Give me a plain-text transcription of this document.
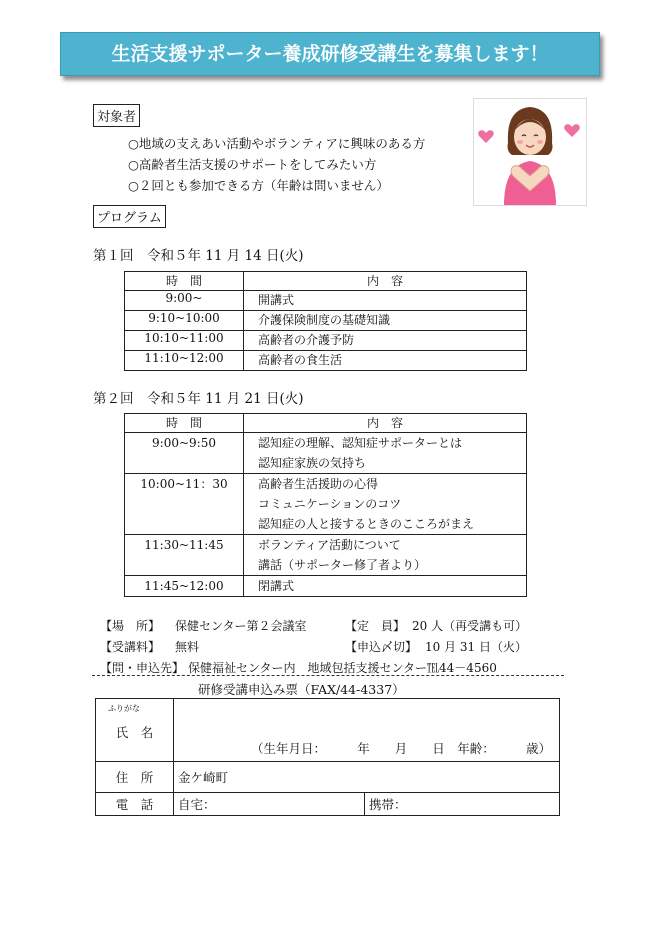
生活支援サポーター養成研修受講生を募集します！
対象者
○地域の支えあい活動やボランティアに興味のある方
○高齢者生活支援のサポートをしてみたい方
○２回とも参加できる方（年齢は問いません）
プログラム
第１回　令和５年 11 月 14 日(火)
時　間	内　容
9:00~	開講式
9:10~10:00	介護保険制度の基礎知識
10:10~11:00	高齢者の介護予防
11:10~12:00	高齢者の食生活
第２回　令和５年 11 月 21 日(火)
時　間	内　容

9:00~9:50	認知症の理解、認知症サポーターとは
認知症家族の気持ち

10:00~11：30	高齢者生活援助の心得
コミュニケーションのコツ
認知症の人と接するときのこころがまえ

11:30~11:45	ボランティア活動について
講話（サポーター修了者より）

11:45~12:00	閉講式
【場　所】 保健センター第２会議室	【定　員】 20 人（再受講も可）
【受講料】 無料	【申込〆切】 10 月 31 日（火）
【問・申込先】 保健福祉センター内　地域包括支援センター℡44－4560
研修受講申込み票（FAX/44-4337）
ふりがな
氏　名	（生年月日：　　　年　　月　　日　年齢：　　　歳）	

住　所	金ケ崎町	
電　話	自宅：	携帯：
